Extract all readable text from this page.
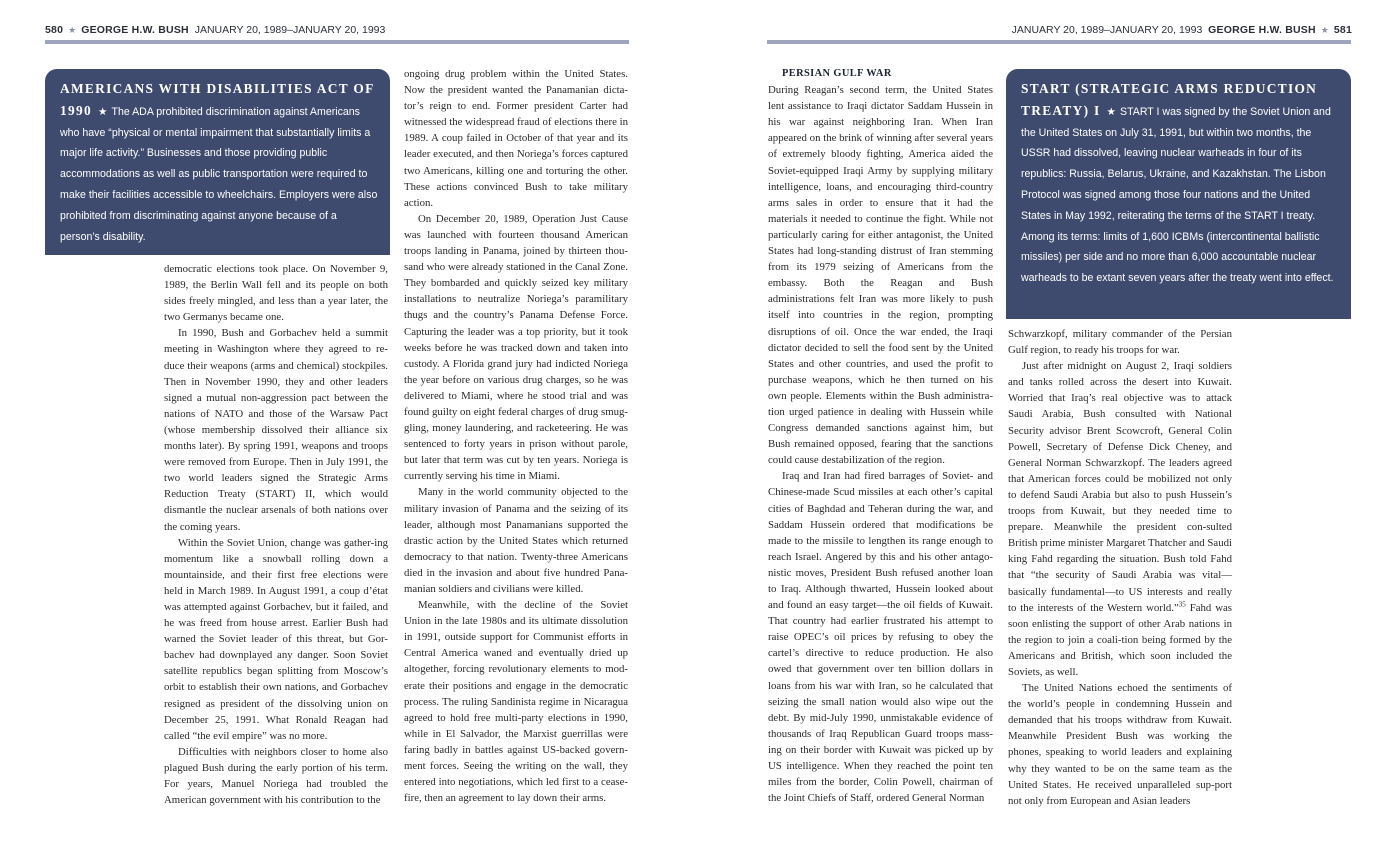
580 ★ GEORGE H.W. BUSH JANUARY 20, 1989–JANUARY 20, 1993	JANUARY 20, 1989–JANUARY 20, 1993 GEORGE H.W. BUSH ★ 581
AMERICANS WITH DISABILITIES ACT OF 1990 ★ The ADA prohibited discrimination against Americans who have “physical or mental impairment that substantially limits a major life activity.” Businesses and those providing public accommodations as well as public transportation were required to make their facilities accessible to wheelchairs. Employers were also prohibited from discriminating against anyone because of a person’s disability.
START (STRATEGIC ARMS REDUCTION TREATY) I ★ START I was signed by the Soviet Union and the United States on July 31, 1991, but within two months, the USSR had dissolved, leaving nuclear warheads in four of its republics: Russia, Belarus, Ukraine, and Kazakhstan. The Lisbon Protocol was signed among those four nations and the United States in May 1992, reiterating the terms of the START I treaty. Among its terms: limits of 1,600 ICBMs (intercontinental ballistic missiles) per side and no more than 6,000 accountable nuclear warheads to be extant seven years after the treaty went into effect.

democratic elections took place. On November 9, 1989, the Berlin Wall fell and its people on both sides freely mingled, and less than a year later, the two Germanys became one.

In 1990, Bush and Gorbachev held a summit meeting in Washington where they agreed to re-duce their weapons (arms and chemical) stockpiles. Then in November 1990, they and other leaders signed a mutual non-aggression pact between the nations of NATO and those of the Warsaw Pact (whose membership dissolved their alliance six months later). By spring 1991, weapons and troops were removed from Europe. Then in July 1991, the two world leaders signed the Strategic Arms Reduction Treaty (START) II, which would dismantle the nuclear arsenals of both nations over the coming years.

Within the Soviet Union, change was gather-ing momentum like a snowball rolling down a mountainside, and their first free elections were held in March 1989. In August 1991, a coup d’état was attempted against Gorbachev, but it failed, and he was freed from house arrest. Earlier Bush had warned the Soviet leader of this threat, but Gor-bachev had downplayed any danger. Soon Soviet satellite republics began splitting from Moscow’s orbit to establish their own nations, and Gorbachev resigned as president of the dissolving union on December 25, 1991. What Ronald Reagan had called “the evil empire” was no more.

Difficulties with neighbors closer to home also plagued Bush during the early portion of his term. For years, Manuel Noriega had troubled the American government with his contribution to the

ongoing drug problem within the United States. Now the president wanted the Panamanian dicta-tor’s reign to end. Former president Carter had witnessed the widespread fraud of elections there in 1989. A coup failed in October of that year and its leader executed, and then Noriega’s forces captured two Americans, killing one and torturing the other. These actions convinced Bush to take military action.

On December 20, 1989, Operation Just Cause was launched with fourteen thousand American troops landing in Panama, joined by thirteen thou-sand who were already stationed in the Canal Zone. They bombarded and quickly seized key military installations to neutralize Noriega’s paramilitary thugs and the country’s Panama Defense Force. Capturing the leader was a top priority, but it took weeks before he was tracked down and taken into custody. A Florida grand jury had indicted Noriega the year before on various drug charges, so he was delivered to Miami, where he stood trial and was found guilty on eight federal charges of drug smug-gling, money laundering, and racketeering. He was sentenced to forty years in prison without parole, but later that term was cut by ten years. Noriega is currently serving his time in Miami.

Many in the world community objected to the military invasion of Panama and the seizing of its leader, although most Panamanians supported the drastic action by the United States which returned democracy to that nation. Twenty-three Americans died in the invasion and about five hundred Pana-manian soldiers and civilians were killed.

Meanwhile, with the decline of the Soviet Union in the late 1980s and its ultimate dissolution in 1991, outside support for Communist efforts in Central America waned and eventually dried up altogether, forcing revolutionary elements to mod-erate their positions and engage in the democratic process. The ruling Sandinista regime in Nicaragua agreed to hold free multi-party elections in 1990, while in El Salvador, the Marxist guerrillas were faring badly in battles against US-backed govern-ment forces. Seeing the writing on the wall, they entered into negotiations, which led first to a cease-fire, then an agreement to lay down their arms.

PERSIAN GULF WAR

During Reagan’s second term, the United States lent assistance to Iraqi dictator Saddam Hussein in his war against neighboring Iran. When Iran appeared on the brink of winning after several years of extremely bloody fighting, America aided the Soviet-equipped Iraqi Army by supplying military intelligence, loans, and encouraging third-country arms sales in order to ensure that it had the materials it needed to continue the fight. While not particularly caring for either antagonist, the United States had long-standing distrust of Iran stemming from its 1979 seizing of Americans from the embassy. Both the Reagan and Bush administrations felt Iran was more likely to push itself into countries in the region, prompting disruptions of oil. Once the war ended, the Iraqi dictator decided to sell the food sent by the United States and other countries, and used the profit to purchase weapons, which he then turned on his own people. Elements within the Bush administra-tion urged patience in dealing with Hussein while Congress demanded sanctions against him, but Bush remained opposed, fearing that the sanctions could cause destabilization of the region.

Iraq and Iran had fired barrages of Soviet- and Chinese-made Scud missiles at each other’s capital cities of Baghdad and Teheran during the war, and Saddam Hussein ordered that modifications be made to the missile to lengthen its range enough to reach Israel. Angered by this and his other antago-nistic moves, President Bush refused another loan to Iraq. Although thwarted, Hussein looked about and found an easy target—the oil fields of Kuwait. That country had earlier frustrated his attempt to raise OPEC’s oil prices by refusing to obey the cartel’s directive to reduce production. He also owed that government over ten billion dollars in loans from his war with Iran, so he calculated that seizing the small nation would also wipe out the debt. By mid-July 1990, unmistakable evidence of thousands of Iraq Republican Guard troops mass-ing on their border with Kuwait was picked up by US intelligence. When they reached the point ten miles from the border, Colin Powell, chairman of the Joint Chiefs of Staff, ordered General Norman

Schwarzkopf, military commander of the Persian Gulf region, to ready his troops for war.

Just after midnight on August 2, Iraqi soldiers and tanks rolled across the desert into Kuwait. Worried that Iraq’s real objective was to attack Saudi Arabia, Bush consulted with National Security advisor Brent Scowcroft, General Colin Powell, Secretary of Defense Dick Cheney, and General Norman Schwarzkopf. The leaders agreed that American forces could be mobilized not only to defend Saudi Arabia but also to push Hussein’s troops from Kuwait, but they needed time to prepare. Meanwhile the president con-sulted British prime minister Margaret Thatcher and Saudi king Fahd regarding the situation. Bush told Fahd that “the security of Saudi Arabia was vital—basically fundamental—to US interests and really to the interests of the Western world.”$^{35}$ Fahd was soon enlisting the support of other Arab nations in the region to join a coali-tion being formed by the Americans and British, which soon included the Soviets, as well.

The United Nations echoed the sentiments of the world’s people in condemning Hussein and demanded that his troops withdraw from Kuwait. Meanwhile President Bush was working the phones, speaking to world leaders and explaining why they wanted to be on the same team as the United States. He received unparalleled sup-port not only from European and Asian leaders
